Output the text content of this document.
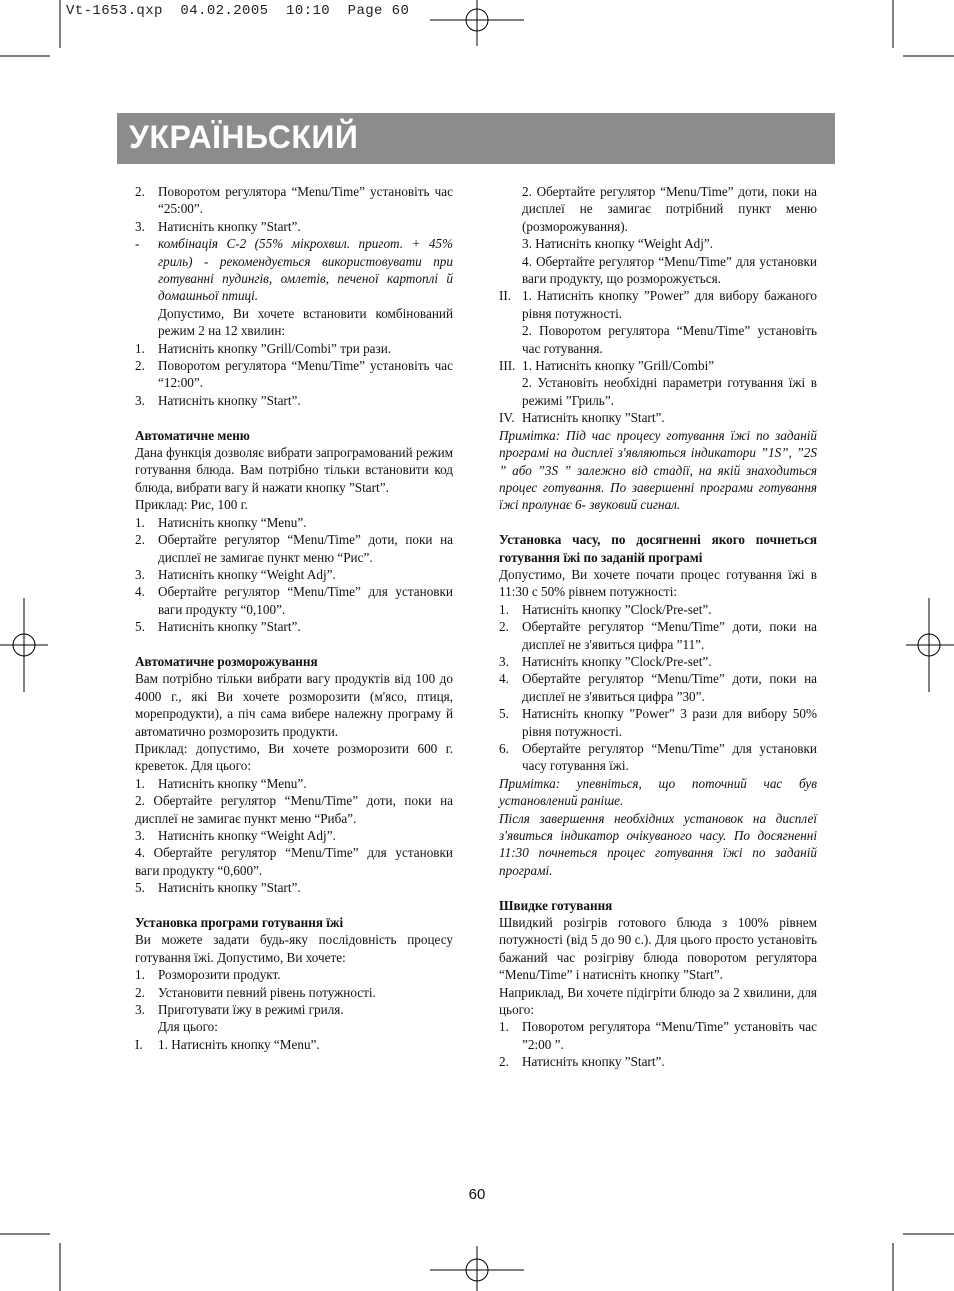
Vt-1653.qxp  04.02.2005  10:10  Page 60
УКРАЇНЬСКИЙ
2. Поворотом регулятора “Menu/Time” установіть час “25:00”.
3. Натисніть кнопку ”Start”.
-	комбінація C-2 (55% мікрохвил. пригот. + 45% гриль) - рекомендується використовувати при готуванні пудингів, омлетів, печеної картоплі й домашньої птиці.

Допустимо, Ви хочете встановити комбінований режим 2 на 12 хвилин:

1. Натисніть кнопку ”Grill/Combi” три рази.
2. Поворотом регулятора “Menu/Time” установіть час “12:00”.
3. Натисніть кнопку ”Start”.

Автоматичне меню

Дана функція дозволяє вибрати запрограмований режим готування блюда. Вам потрібно тільки встановити код блюда, вибрати вагу й нажати кнопку ”Start”.

Приклад: Рис, 100 г.

1. Натисніть кнопку “Menu”.
2. Обертайте регулятор “Menu/Time” доти, поки на дисплеї не замигає пункт меню “Рис”.
3. Натисніть кнопку “Weight Adj”.
4. Обертайте регулятор “Menu/Time” для установки ваги продукту “0,100”.
5. Натисніть кнопку ”Start”.

Автоматичне розморожування

Вам потрібно тільки вибрати вагу продуктів від 100 до 4000 г., які Ви хочете розморозити (м'ясо, птиця, морепродукти), а піч сама вибере належну програму й автоматично розморозить продукти.

Приклад: допустимо, Ви хочете розморозити 600 г. креветок. Для цього:

1. Натисніть кнопку “Menu”.

2. Обертайте регулятор “Menu/Time” доти, поки на дисплеї не замигає пункт меню “Риба”.

3. Натисніть кнопку “Weight Adj”.

4. Обертайте регулятор “Menu/Time” для установки ваги продукту “0,600”.

5. Натисніть кнопку ”Start”.

Установка програми готування їжі

Ви можете задати будь-яку послідовність процесу готування їжі. Допустимо, Ви хочете:

1. Розморозити продукт.
2. Установити певний рівень потужності.
3. Приготувати їжу в режимі гриля.

Для цього:

I.	1. Натисніть кнопку “Menu”.

2. Обертайте регулятор “Menu/Time” доти, поки на дисплеї не замигає потрібний пункт меню (розморожування).

3. Натисніть кнопку “Weight Adj”.

4. Обертайте регулятор “Menu/Time” для установки ваги продукту, що розморожується.

II. 1. Натисніть кнопку ”Power” для вибору бажаного рівня потужності.

2. Поворотом регулятора “Menu/Time” установіть час готування.

III. 1. Натисніть кнопку ”Grill/Combi”

2. Установіть необхідні параметри готування їжі в режимі ”Гриль”.

IV. Натисніть кнопку ”Start”.

Примітка: Під час процесу готування їжі по заданій програмі на дисплеї з'являються індикатори ”1S”, ”2S ” або ”3S ” залежно від стадії, на якій знаходиться процес готування. По завершенні програми готування їжі пролунає 6- звуковий сигнал.

Установка часу, по досягненні якого почнеться готування їжі по заданій програмі

Допустимо, Ви хочете почати процес готування їжі в 11:30 с 50% рівнем потужності:

1. Натисніть кнопку ”Clock/Pre-set”.
2. Обертайте регулятор “Menu/Time” доти, поки на дисплеї не з'явиться цифра ”11”.
3. Натисніть кнопку ”Clock/Pre-set”.
4. Обертайте регулятор “Menu/Time” доти, поки на дисплеї не з'явиться цифра ”30”.
5. Натисніть кнопку ”Power” 3 рази для вибору 50% рівня потужності.
6. Обертайте регулятор “Menu/Time” для установки часу готування їжі.

Примітка: упевніться, що поточний час був установлений раніше.

Після завершення необхідних установок на дисплеї з'явиться індикатор очікуваного часу. По досягненні 11:30 почнеться процес готування їжі по заданій програмі.

Швидке готування

Швидкий розігрів готового блюда з 100% рівнем потужності (від 5 до 90 с.). Для цього просто установіть бажаний час розігріву блюда поворотом регулятора “Menu/Time” і натисніть кнопку ”Start”.

Наприклад, Ви хочете підігріти блюдо за 2 хвилини, для цього:

1. Поворотом регулятора “Menu/Time” установіть час ”2:00 ”.
2. Натисніть кнопку ”Start”.
60
